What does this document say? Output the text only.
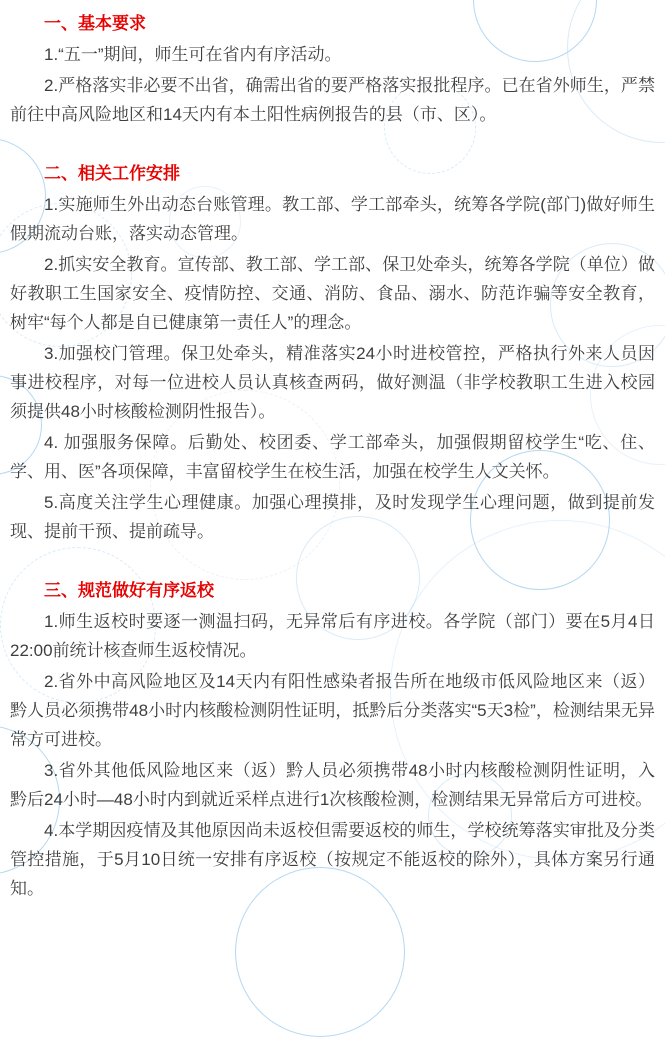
一、基本要求

1.“五一”期间，师生可在省内有序活动。

2.严格落实非必要不出省，确需出省的要严格落实报批程序。已在省外师生，严禁前往中高风险地区和14天内有本土阳性病例报告的县（市、区）。

二、相关工作安排

1.实施师生外出动态台账管理。教工部、学工部牵头，统筹各学院(部门)做好师生假期流动台账，落实动态管理。

2.抓实安全教育。宣传部、教工部、学工部、保卫处牵头，统筹各学院（单位）做好教职工生国家安全、疫情防控、交通、消防、食品、溺水、防范诈骗等安全教育，树牢“每个人都是自已健康第一责任人”的理念。

3.加强校门管理。保卫处牵头，精准落实24小时进校管控，严格执行外来人员因事进校程序，对每一位进校人员认真核查两码，做好测温（非学校教职工生进入校园须提供48小时核酸检测阴性报告）。

4. 加强服务保障。后勤处、校团委、学工部牵头，加强假期留校学生“吃、住、学、用、医”各项保障，丰富留校学生在校生活，加强在校学生人文关怀。

5.高度关注学生心理健康。加强心理摸排，及时发现学生心理问题，做到提前发现、提前干预、提前疏导。

三、规范做好有序返校

1.师生返校时要逐一测温扫码，无异常后有序进校。各学院（部门）要在5月4日22:00前统计核查师生返校情况。

2.省外中高风险地区及14天内有阳性感染者报告所在地级市低风险地区来（返）黔人员必须携带48小时内核酸检测阴性证明，抵黔后分类落实“5天3检”，检测结果无异常方可进校。

3.省外其他低风险地区来（返）黔人员必须携带48小时内核酸检测阴性证明，入黔后24小时—48小时内到就近采样点进行1次核酸检测，检测结果无异常后方可进校。

4.本学期因疫情及其他原因尚未返校但需要返校的师生，学校统筹落实审批及分类管控措施，于5月10日统一安排有序返校（按规定不能返校的除外），具体方案另行通知。
